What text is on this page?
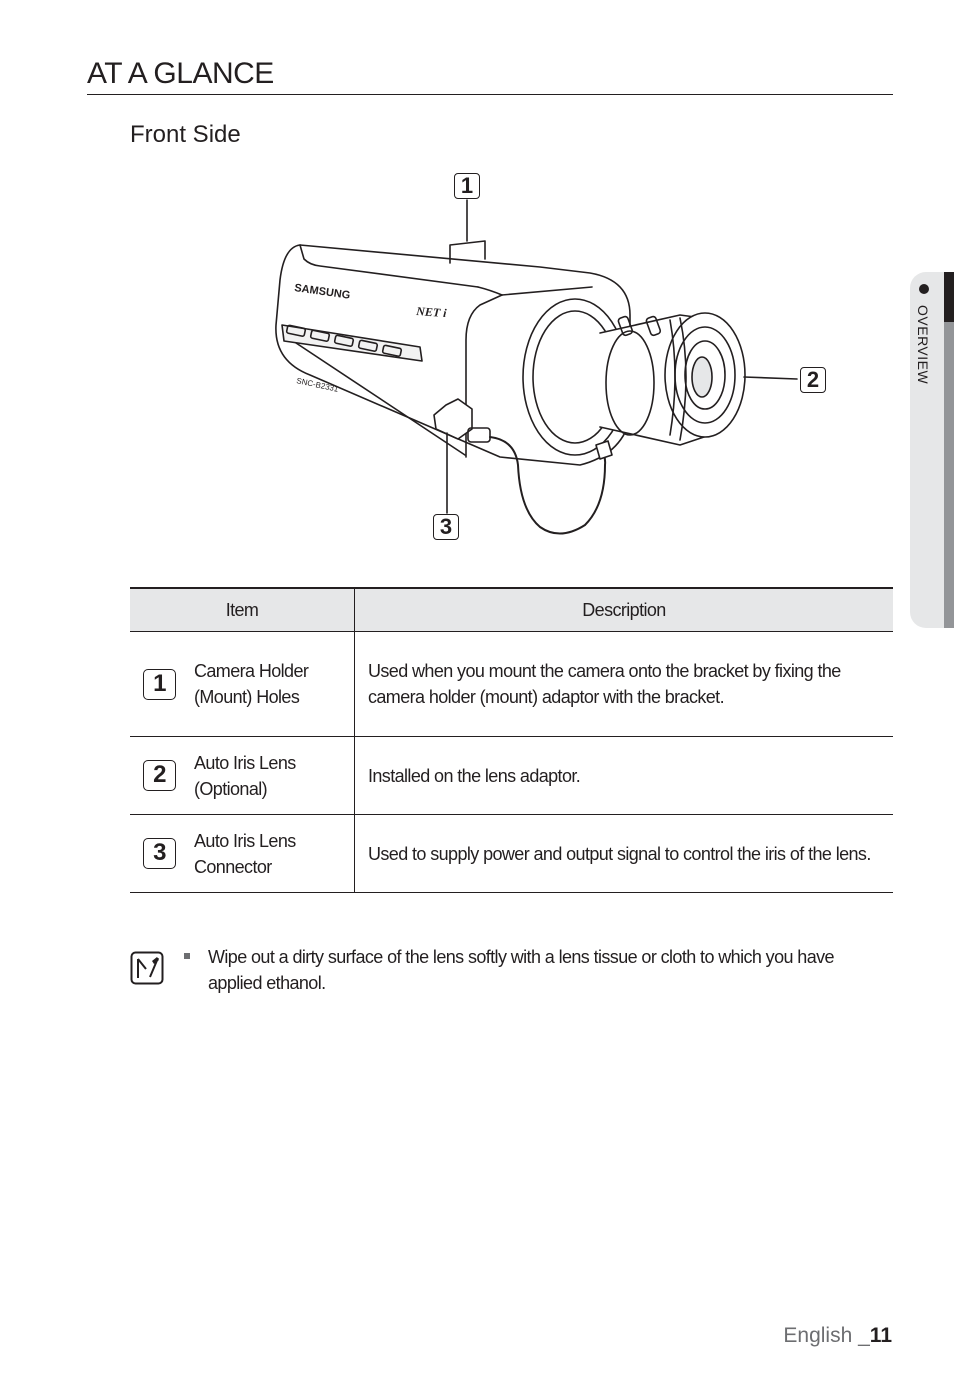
AT A GLANCE
Front Side
SAMSUNG
NET i
SNC-B2331
1
2
3
Item	Description

1 Camera Holder
(Mount) Holes	Used when you mount the camera onto the bracket by fixing the camera holder (mount) adaptor with the bracket.

2 Auto Iris Lens
(Optional)	Installed on the lens adaptor.

3 Auto Iris Lens
Connector	Used to supply power and output signal to control the iris of the lens.
Wipe out a dirty surface of the lens softly with a lens tissue or cloth to which you have applied ethanol.
OVERVIEW
English _11
